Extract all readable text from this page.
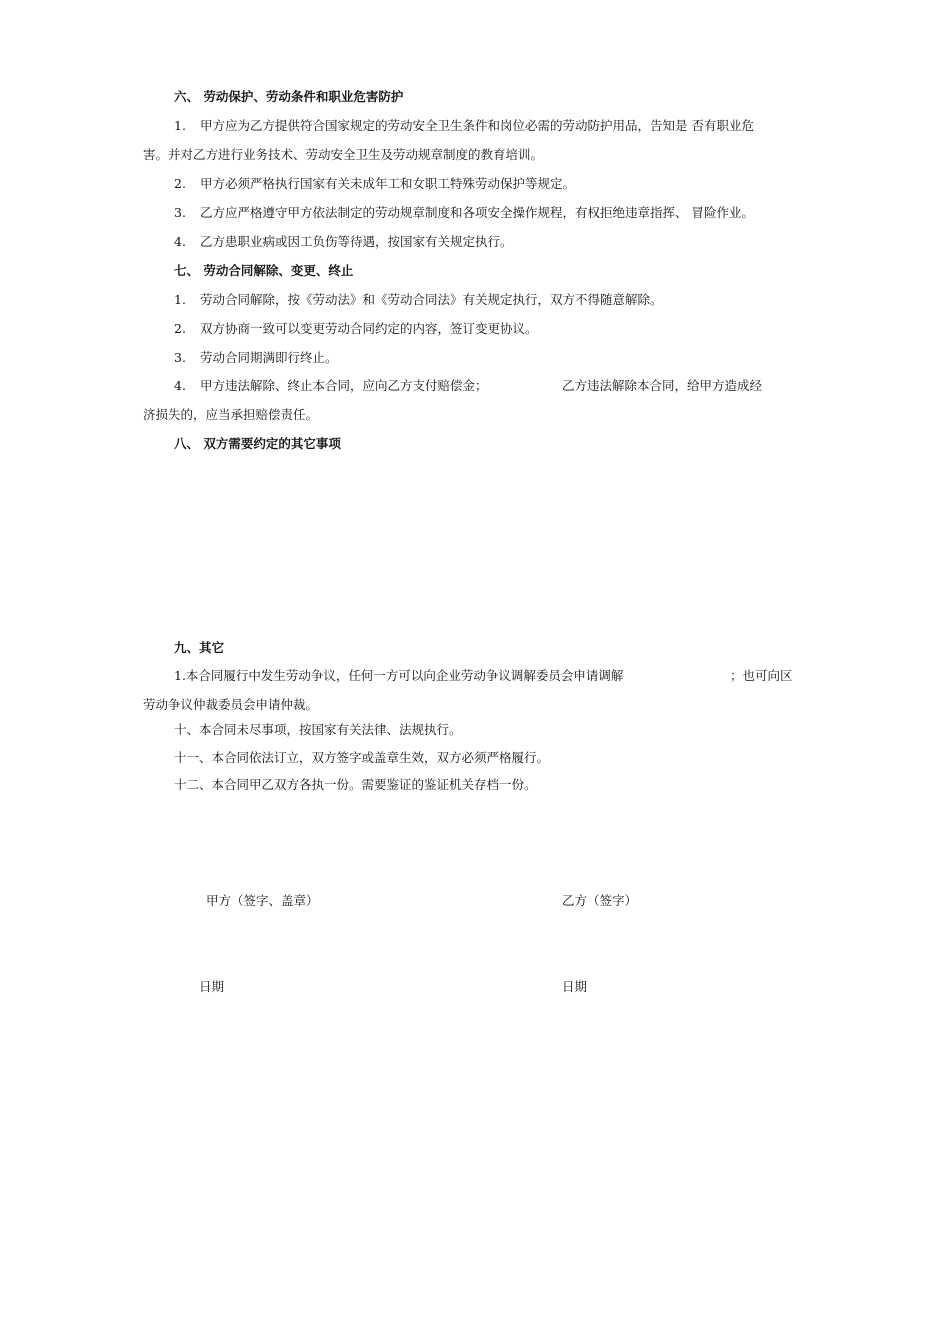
六、 劳动保护、劳动条件和职业危害防护
1. 甲方应为乙方提供符合国家规定的劳动安全卫生条件和岗位必需的劳动防护用品，告知是 否有职业危
害。并对乙方进行业务技术、劳动安全卫生及劳动规章制度的教育培训。
2. 甲方必须严格执行国家有关未成年工和女职工特殊劳动保护等规定。
3. 乙方应严格遵守甲方依法制定的劳动规章制度和各项安全操作规程，有权拒绝违章指挥、 冒险作业。
4. 乙方患职业病或因工负伤等待遇，按国家有关规定执行。
七、 劳动合同解除、变更、终止
1. 劳动合同解除，按《劳动法》和《劳动合同法》有关规定执行，双方不得随意解除。
2. 双方协商一致可以变更劳动合同约定的内容，签订变更协议。
3. 劳动合同期满即行终止。
4. 甲方违法解除、终止本合同，应向乙方支付赔偿金；	乙方违法解除本合同，给甲方造成经
济损失的，应当承担赔偿责任。
八、 双方需要约定的其它事项
九、其它
1.本合同履行中发生劳动争议，任何一方可以向企业劳动争议调解委员会申请调解	；也可向区
劳动争议仲裁委员会申请仲裁。
十、本合同未尽事项，按国家有关法律、法规执行。
十一、本合同依法订立，双方签字或盖章生效，双方必须严格履行。
十二、本合同甲乙双方各执一份。需要鉴证的鉴证机关存档一份。
甲方（签字、盖章）	乙方（签字）
日期	日期
